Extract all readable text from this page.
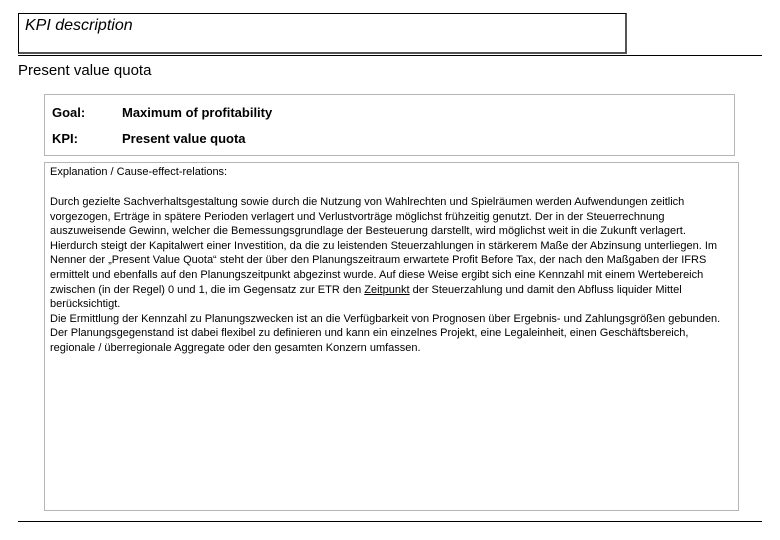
KPI description
Present value quota
Goal:	Maximum of profitability
KPI:	Present value quota
Explanation / Cause-effect-relations:

Durch gezielte Sachverhaltsgestaltung sowie durch die Nutzung von Wahlrechten und Spielräumen werden Aufwendungen zeitlich vorgezogen, Erträge in spätere Perioden verlagert und Verlustvorträge möglichst frühzeitig genutzt. Der in der Steuerrechnung auszuweisende Gewinn, welcher die Bemessungsgrundlage der Besteuerung darstellt, wird möglichst weit in die Zukunft verlagert. Hierdurch steigt der Kapitalwert einer Investition, da die zu leistenden Steuerzahlungen in stärkerem Maße der Abzinsung unterliegen. Im Nenner der „Present Value Quota“ steht der über den Planungszeitraum erwartete Profit Before Tax, der nach den Maßgaben der IFRS ermittelt und ebenfalls auf den Planungszeitpunkt abgezinst wurde. Auf diese Weise ergibt sich eine Kennzahl mit einem Wertebereich zwischen (in der Regel) 0 und 1, die im Gegensatz zur ETR den Zeitpunkt der Steuerzahlung und damit den Abfluss liquider Mittel berücksichtigt.

Die Ermittlung der Kennzahl zu Planungszwecken ist an die Verfügbarkeit von Prognosen über Ergebnis- und Zahlungsgrößen gebunden. Der Planungsgegenstand ist dabei flexibel zu definieren und kann ein einzelnes Projekt, eine Legaleinheit, einen Geschäftsbereich, regionale / überregionale Aggregate oder den gesamten Konzern umfassen.
